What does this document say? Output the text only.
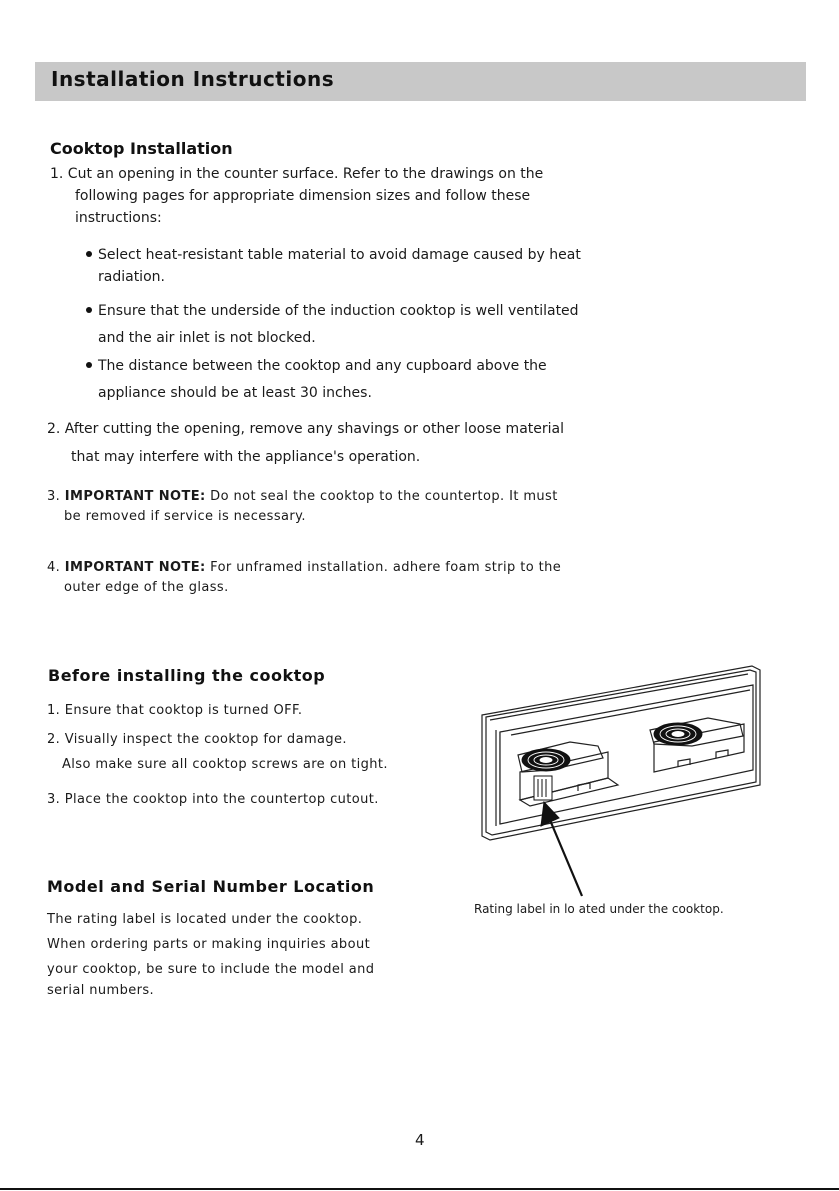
Installation Instructions
Cooktop Installation
1. Cut an opening in the counter surface. Refer to the drawings on the
following pages for appropriate dimension sizes and follow these
instructions:
Select heat-resistant table material to avoid damage caused by heat
radiation.
Ensure that the underside of the induction cooktop is well ventilated
and the air inlet is not blocked.
The distance between the cooktop and any cupboard above the
appliance should be at least 30 inches.
2. After cutting the opening, remove any shavings or other loose material
that may interfere with the appliance's operation.
3. IMPORTANT NOTE: Do not seal the cooktop to the countertop. It must
be removed if service is necessary.
4. IMPORTANT NOTE: For unframed installation. adhere foam strip to the
outer edge of the glass.
Before installing the cooktop
1. Ensure that cooktop is turned OFF.
2. Visually inspect the cooktop for damage.
Also make sure all cooktop screws are on tight.
3. Place the cooktop into the countertop cutout.
Model and Serial Number Location
The rating label is located under the cooktop.
When ordering parts or making inquiries about
your cooktop, be sure to include the model and
serial numbers.
Rating label in lo ated under the cooktop.
4
